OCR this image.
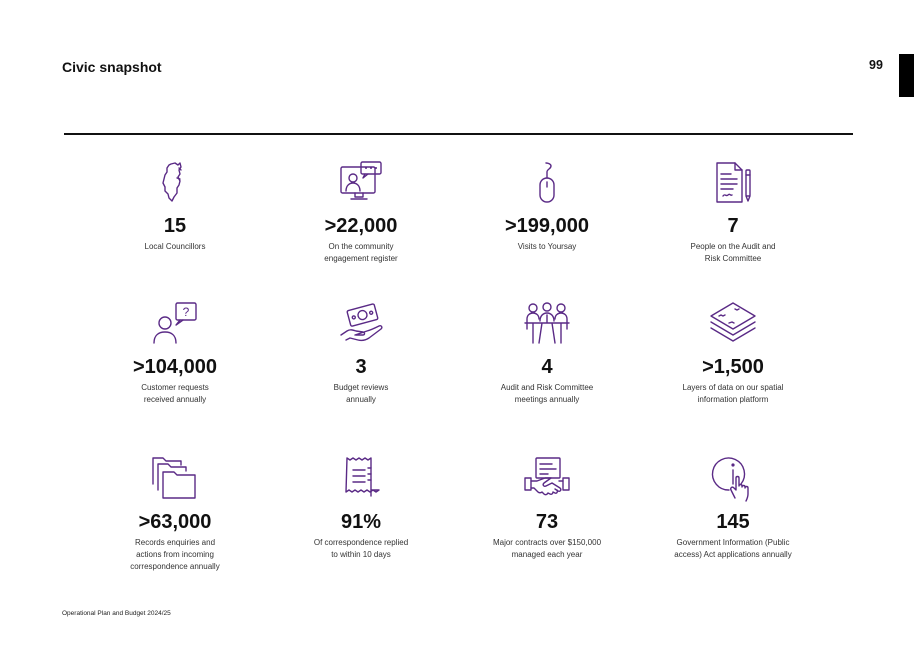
Civic snapshot	99
15
Local Councillors
>22,000
On the community
engagement register
>199,000
Visits to Yoursay
7
People on the Audit and
Risk Committee
?
>104,000
Customer requests
received annually
3
Budget reviews
annually
4
Audit and Risk Committee
meetings annually
>1,500
Layers of data on our spatial
information platform
>63,000
Records enquiries and
actions from incoming
correspondence annually
91%
Of correspondence replied
to within 10 days
73
Major contracts over $150,000
managed each year
145
Government Information (Public
access) Act applications annually
Operational Plan and Budget 2024/25
